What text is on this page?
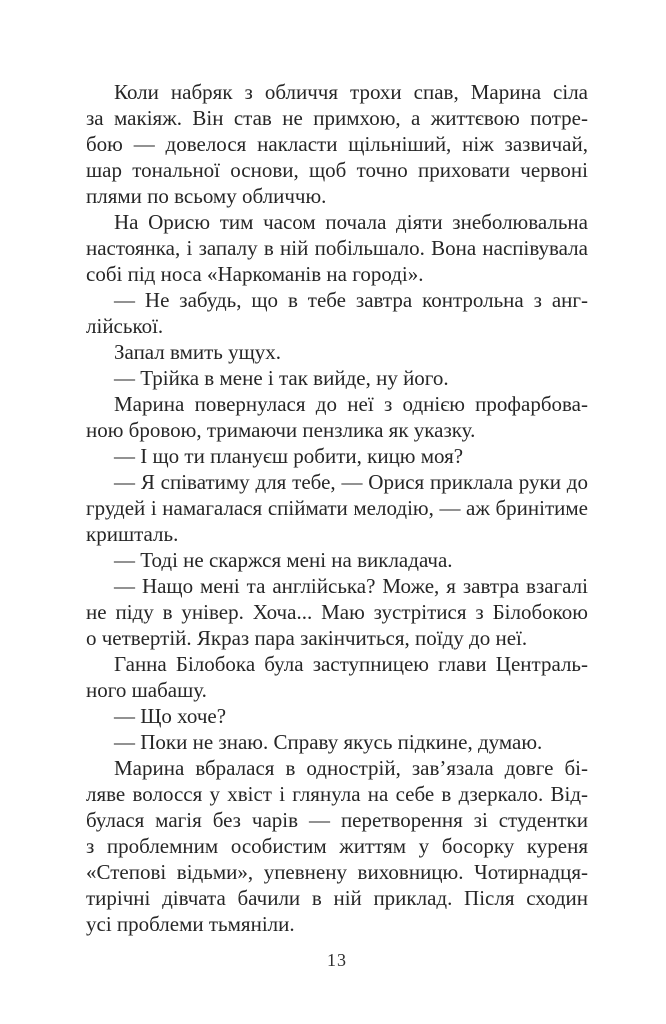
Коли набряк з обличчя трохи спав, Марина сіла
за макіяж. Він став не примхою, а життєвою потре-
бою — довелося накласти щільніший, ніж зазвичай,
шар тональної основи, щоб точно приховати червоні
плями по всьому обличчю.
На Орисю тим часом почала діяти знеболювальна
настоянка, і запалу в ній побільшало. Вона наспівувала
собі під носа «Наркоманів на городі».
— Не забудь, що в тебе завтра контрольна з анг-
лійської.
Запал вмить ущух.
— Трійка в мене і так вийде, ну його.
Марина повернулася до неї з однією профарбова-
ною бровою, тримаючи пензлика як указку.
— І що ти плануєш робити, кицю моя?
— Я співатиму для тебе, — Орися приклала руки до
грудей і намагалася спіймати мелодію, — аж бринітиме
кришталь.
— Тоді не скаржся мені на викладача.
— Нащо мені та англійська? Може, я завтра взагалі
не піду в універ. Хоча... Маю зустрітися з Білобокою
о четвертій. Якраз пара закінчиться, поїду до неї.
Ганна Білобока була заступницею глави Централь-
ного шабашу.
— Що хоче?
— Поки не знаю. Справу якусь підкине, думаю.
Марина вбралася в однострій, зав’язала довге бі-
ляве волосся у хвіст і глянула на себе в дзеркало. Від-
булася магія без чарів — перетворення зі студентки
з проблемним особистим життям у босорку куреня
«Степові відьми», упевнену виховницю. Чотирнадця-
тирічні дівчата бачили в ній приклад. Після сходин
усі проблеми тьмяніли.
13
